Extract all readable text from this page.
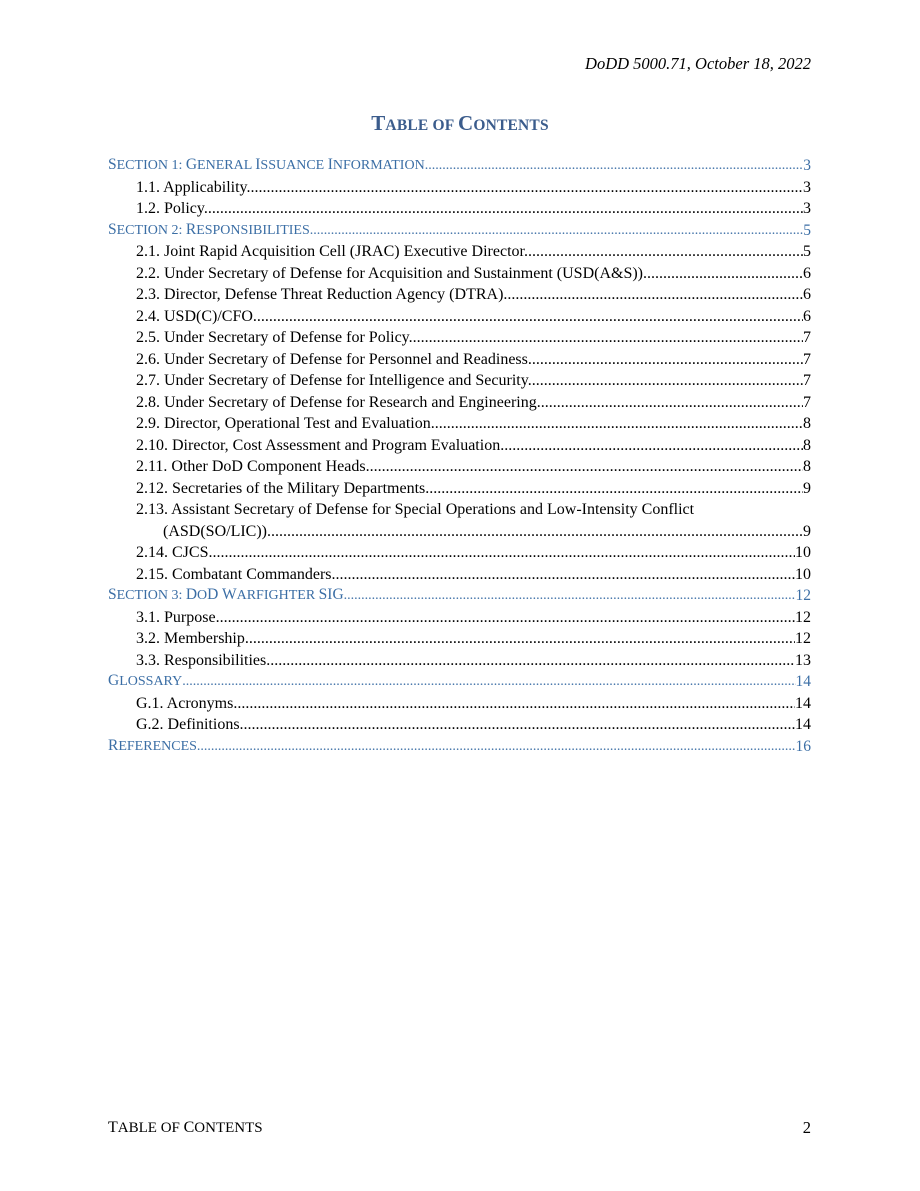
DoDD 5000.71, October 18, 2022
TABLE OF CONTENTS
SECTION 1: GENERAL ISSUANCE INFORMATION .....	3
1.1. Applicability. .....	3
1.2. Policy. .....	3
SECTION 2: RESPONSIBILITIES .....	5
2.1. Joint Rapid Acquisition Cell (JRAC) Executive Director. .....	5
2.2. Under Secretary of Defense for Acquisition and Sustainment (USD(A&S)) .....	6
2.3. Director, Defense Threat Reduction Agency (DTRA). .....	6
2.4. USD(C)/CFO. .....	6
2.5. Under Secretary of Defense for Policy. .....	7
2.6. Under Secretary of Defense for Personnel and Readiness .....	7
2.7. Under Secretary of Defense for Intelligence and Security. .....	7
2.8. Under Secretary of Defense for Research and Engineering. .....	7
2.9. Director, Operational Test and Evaluation. .....	8
2.10. Director, Cost Assessment and Program Evaluation. .....	8
2.11. Other DoD Component Heads. .....	8
2.12. Secretaries of the Military Departments. .....	9
2.13. Assistant Secretary of Defense for Special Operations and Low-Intensity Conflict
(ASD(SO/LIC)) .....	9
2.14. CJCS. .....	10
2.15. Combatant Commanders .....	10
SECTION 3: DOD WARFIGHTER SIG .....	12
3.1. Purpose .....	12
3.2. Membership. .....	12
3.3. Responsibilities. .....	13
GLOSSARY .....	14
G.1. Acronyms. .....	14
G.2. Definitions .....	14
REFERENCES .....	16
TABLE OF CONTENTS	2
